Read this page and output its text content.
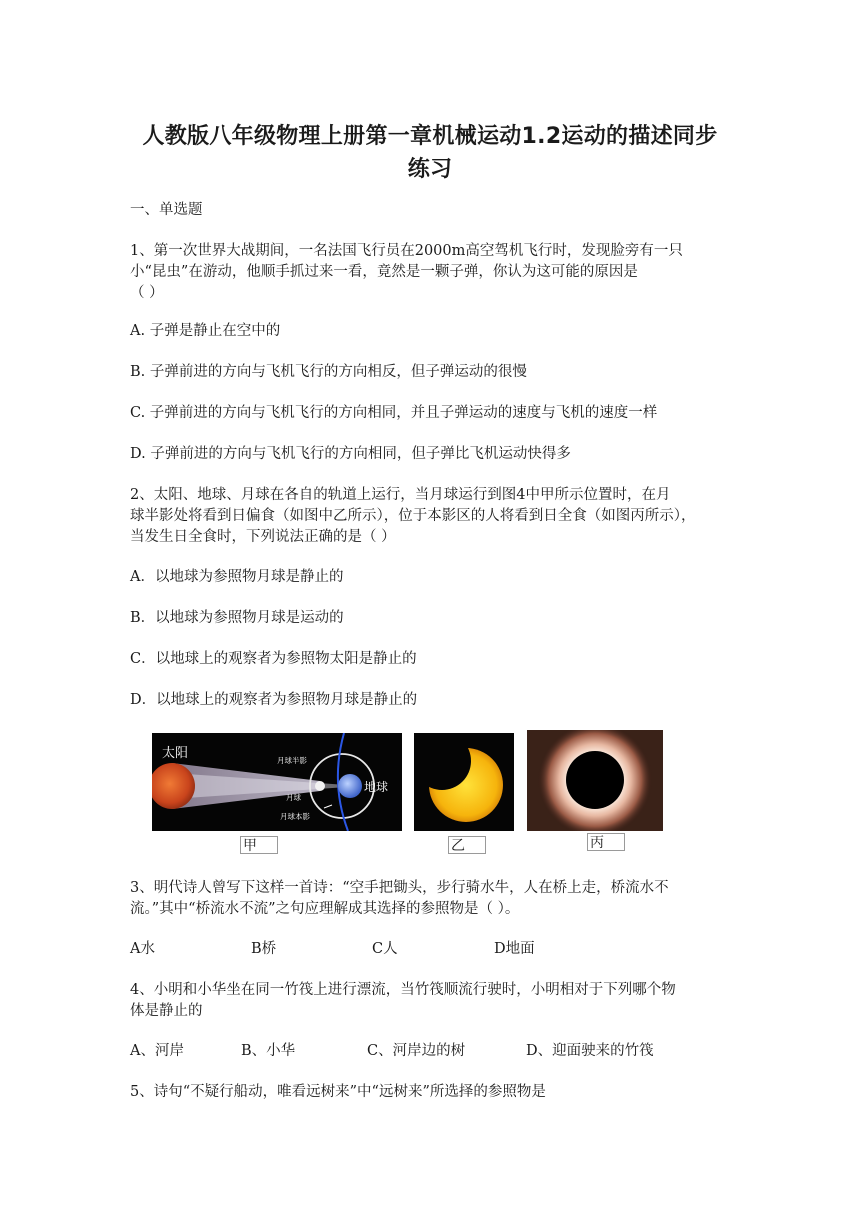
人教版八年级物理上册第一章机械运动1.2运动的描述同步
练习
一、单选题
1、第一次世界大战期间，一名法国飞行员在2000m高空驾机飞行时，发现脸旁有一只
小“昆虫”在游动，他顺手抓过来一看，竟然是一颗子弹，你认为这可能的原因是
（ ）
A. 子弹是静止在空中的
B. 子弹前进的方向与飞机飞行的方向相反，但子弹运动的很慢
C. 子弹前进的方向与飞机飞行的方向相同，并且子弹运动的速度与飞机的速度一样
D. 子弹前进的方向与飞机飞行的方向相同，但子弹比飞机运动快得多
2、太阳、地球、月球在各自的轨道上运行，当月球运行到图4中甲所示位置时，在月
球半影处将看到日偏食（如图中乙所示），位于本影区的人将看到日全食（如图丙所示），
当发生日全食时，下列说法正确的是（ ）
A．以地球为参照物月球是静止的
B．以地球为参照物月球是运动的
C．以地球上的观察者为参照物太阳是静止的
D．以地球上的观察者为参照物月球是静止的
太阳	月球半影
月球
月球本影
地球
甲	乙	丙
3、明代诗人曾写下这样一首诗：“空手把锄头，步行骑水牛，人在桥上走，桥流水不
流。”其中“桥流水不流”之句应理解成其选择的参照物是（ ）。
A水	B桥	C人	D地面
4、小明和小华坐在同一竹筏上进行漂流，当竹筏顺流行驶时，小明相对于下列哪个物
体是静止的
A、河岸	B、小华	C、河岸边的树	D、迎面驶来的竹筏
5、诗句“不疑行船动，唯看远树来”中“远树来”所选择的参照物是
